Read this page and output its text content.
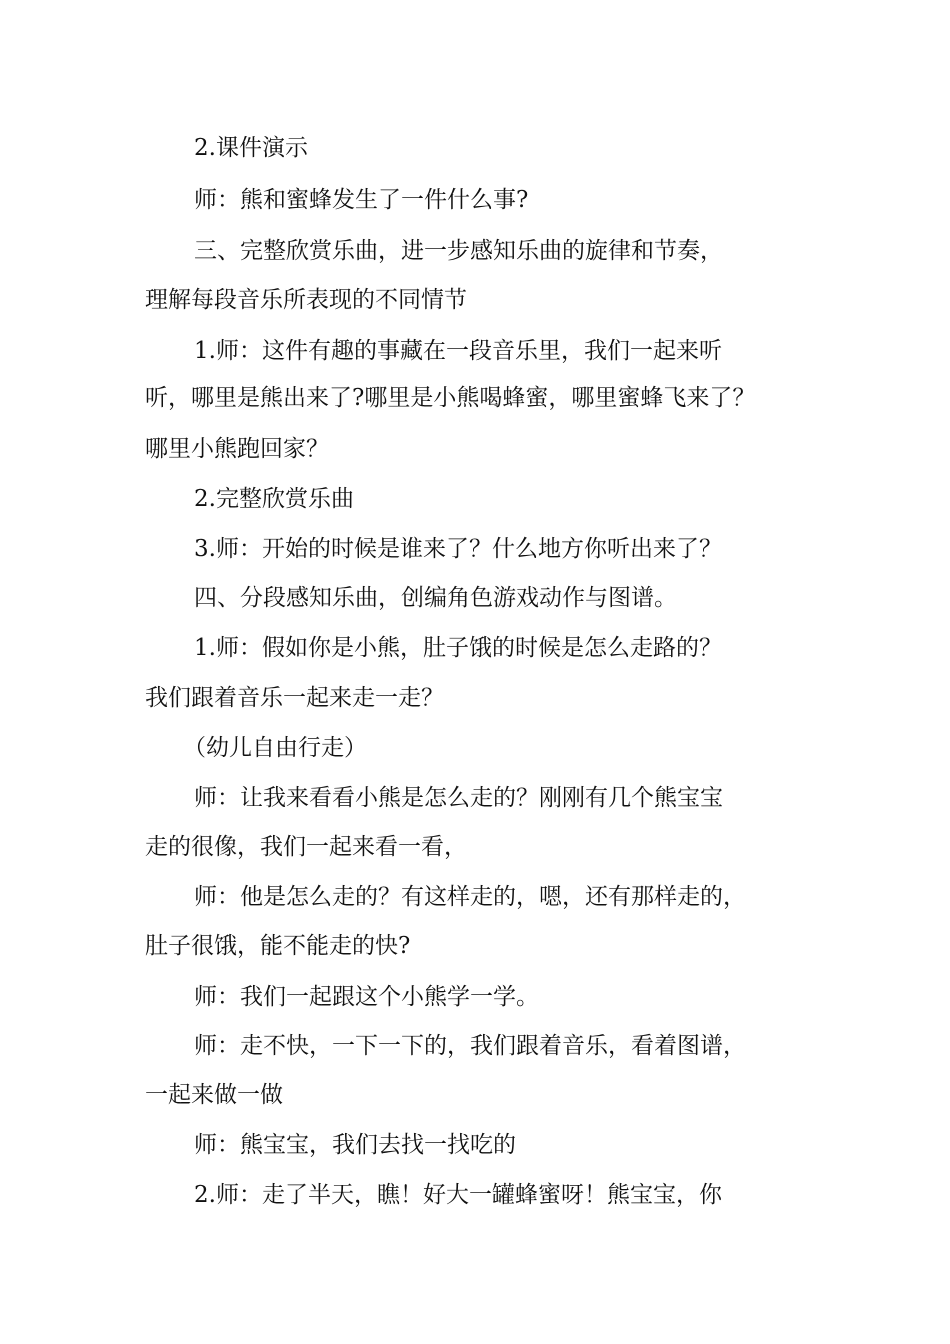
2.课件演示
师：熊和蜜蜂发生了一件什么事?
三、完整欣赏乐曲，进一步感知乐曲的旋律和节奏，
理解每段音乐所表现的不同情节
1.师：这件有趣的事藏在一段音乐里，我们一起来听
听，哪里是熊出来了?哪里是小熊喝蜂蜜，哪里蜜蜂飞来了？
哪里小熊跑回家？
2.完整欣赏乐曲
3.师：开始的时候是谁来了？什么地方你听出来了？
四、分段感知乐曲，创编角色游戏动作与图谱。
1.师：假如你是小熊，肚子饿的时候是怎么走路的？
我们跟着音乐一起来走一走？
（幼儿自由行走）
师：让我来看看小熊是怎么走的？刚刚有几个熊宝宝
走的很像，我们一起来看一看，
师：他是怎么走的？有这样走的，嗯，还有那样走的，
肚子很饿，能不能走的快?
师：我们一起跟这个小熊学一学。
师：走不快，一下一下的，我们跟着音乐，看着图谱，
一起来做一做
师：熊宝宝，我们去找一找吃的
2.师：走了半天，瞧！好大一罐蜂蜜呀！熊宝宝，你
